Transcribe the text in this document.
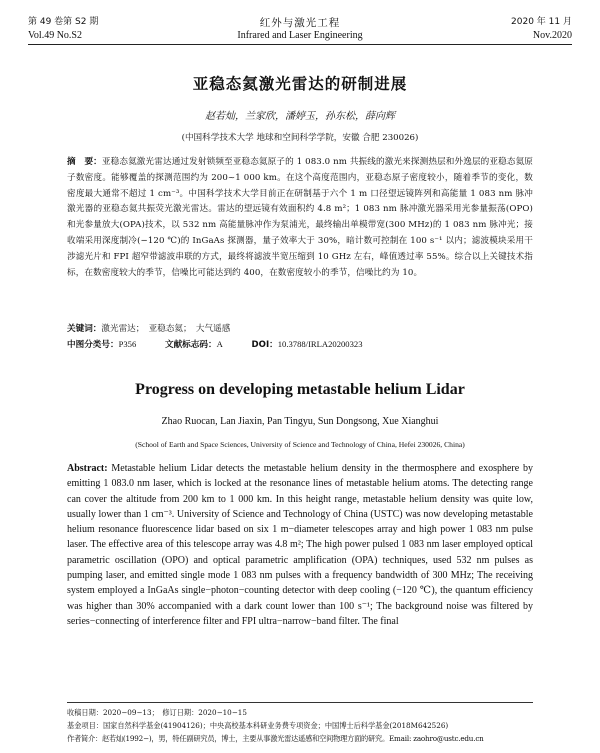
第 49 卷第 S2 期
Vol.49 No.S2
红外与激光工程
Infrared and Laser Engineering
2020 年 11 月
Nov.2020
亚稳态氦激光雷达的研制进展
赵若灿，兰家欣，潘婷玉，孙东松，薛向辉
(中国科学技术大学 地球和空间科学学院，安徽 合肥 230026)
摘　要：亚稳态氦激光雷达通过发射锁频至亚稳态氦原子的 1 083.0 nm 共振线的激光来探测热层和外逸层的亚稳态氦原子数密度。能够覆盖的探测范围约为 200~1 000 km。在这个高度范围内，亚稳态原子密度较小，随着季节的变化，数密度最大通常不超过 1 cm⁻³。中国科学技术大学目前正在研制基于六个 1 m 口径望远镜阵列和高能量 1 083 nm 脉冲激光器的亚稳态氦共振荧光激光雷达。雷达的望远镜有效面积约 4.8 m²；1 083 nm 脉冲激光器采用光参量振荡(OPO)和光参量放大(OPA)技术，以 532 nm 高能量脉冲作为泵浦光，最终输出单模带宽(300 MHz)的 1 083 nm 脉冲光；接收端采用深度制冷(−120 ℃)的 InGaAs 探测器，量子效率大于 30%，暗计数可控制在 100 s⁻¹ 以内；滤波模块采用干涉滤光片和 FPI 超窄带滤波串联的方式，最终将滤波半宽压缩到 10 GHz 左右，峰值透过率 55%。综合以上关键技术指标，在数密度较大的季节，信噪比可能达到约 400，在数密度较小的季节，信噪比约为 10。
关键词：激光雷达；　亚稳态氦；　大气遥感
中图分类号：P356	文献标志码：A	DOI：10.3788/IRLA20200323
Progress on developing metastable helium Lidar
Zhao Ruocan, Lan Jiaxin, Pan Tingyu, Sun Dongsong, Xue Xianghui
(School of Earth and Space Sciences, University of Science and Technology of China, Hefei 230026, China)
Abstract: Metastable helium Lidar detects the metastable helium density in the thermosphere and exosphere by emitting 1 083.0 nm laser, which is locked at the resonance lines of metastable helium atoms. The detecting range can cover the altitude from 200 km to 1 000 km. In this height range, metastable helium density was quite low, usually lower than 1 cm⁻³. University of Science and Technology of China (USTC) was now developing metastable helium resonance fluorescence lidar based on six 1 m−diameter telescopes array and high power 1 083 nm pulse laser. The effective area of this telescope array was 4.8 m²; The high power pulsed 1 083 nm laser employed optical parametric oscillation (OPO) and optical parametric amplification (OPA) techniques, used 532 nm pulses as pumping laser, and emitted single mode 1 083 nm pulses with a frequency bandwidth of 300 MHz; The receiving system employed a InGaAs single−photon−counting detector with deep cooling (−120 ℃), the quantum efficiency was higher than 30% accompanied with a dark count lower than 100 s⁻¹; The background noise was filtered by series−connecting of interference filter and FPI ultra−narrow−band filter. The final
收稿日期：2020−09−13；　修订日期：2020−10−15
基金项目：国家自然科学基金(41904126)；中央高校基本科研业务费专项资金；中国博士后科学基金(2018M642526)
作者简介：赵若灿(1992−)，男，特任副研究员，博士，主要从事激光雷达遥感和空间物理方面的研究。Email: zaohro@ustc.edu.cn
